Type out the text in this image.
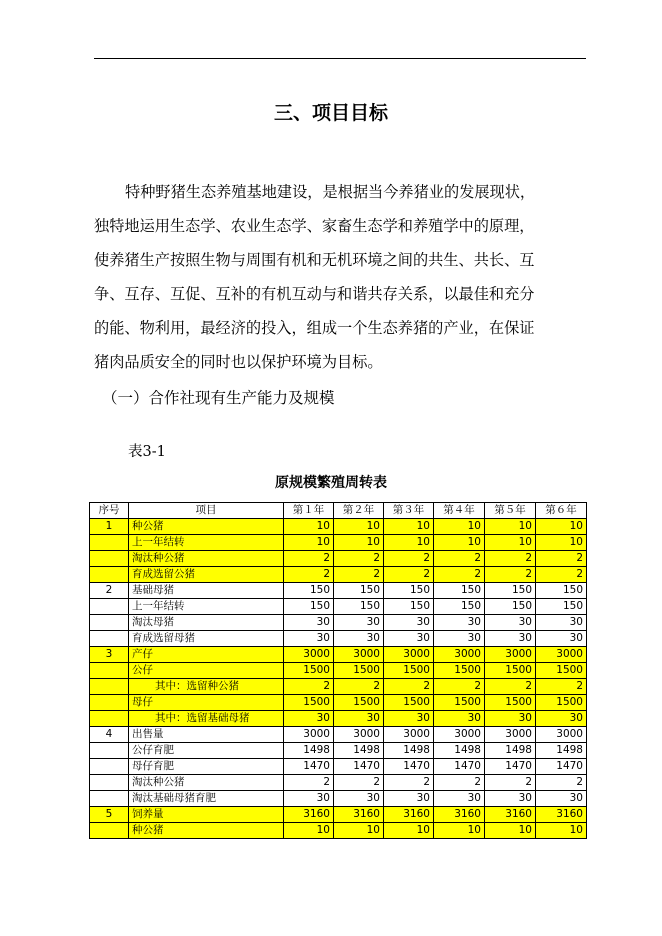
三、项目目标
特种野猪生态养殖基地建设，是根据当今养猪业的发展现状，
独特地运用生态学、农业生态学、家畜生态学和养殖学中的原理，
使养猪生产按照生物与周围有机和无机环境之间的共生、共长、互
争、互存、互促、互补的有机互动与和谐共存关系，以最佳和充分
的能、物利用，最经济的投入，组成一个生态养猪的产业，在保证
猪肉品质安全的同时也以保护环境为目标。
（一）合作社现有生产能力及规模
表3-1
原规模繁殖周转表
序号	项目	第１年	第２年	第３年	第４年	第５年	第６年
1	种公猪	10	10	10	10	10	10
	上一年结转	10	10	10	10	10	10
	淘汰种公猪	2	2	2	2	2	2
	育成选留公猪	2	2	2	2	2	2
2	基础母猪	150	150	150	150	150	150
	上一年结转	150	150	150	150	150	150
	淘汰母猪	30	30	30	30	30	30
	育成选留母猪	30	30	30	30	30	30
3	产仔	3000	3000	3000	3000	3000	3000
	公仔	1500	1500	1500	1500	1500	1500
	其中：选留种公猪	2	2	2	2	2	2
	母仔	1500	1500	1500	1500	1500	1500
	其中：选留基础母猪	30	30	30	30	30	30
4	出售量	3000	3000	3000	3000	3000	3000
	公仔育肥	1498	1498	1498	1498	1498	1498
	母仔育肥	1470	1470	1470	1470	1470	1470
	淘汰种公猪	2	2	2	2	2	2
	淘汰基础母猪育肥	30	30	30	30	30	30
5	饲养量	3160	3160	3160	3160	3160	3160
	种公猪	10	10	10	10	10	10
